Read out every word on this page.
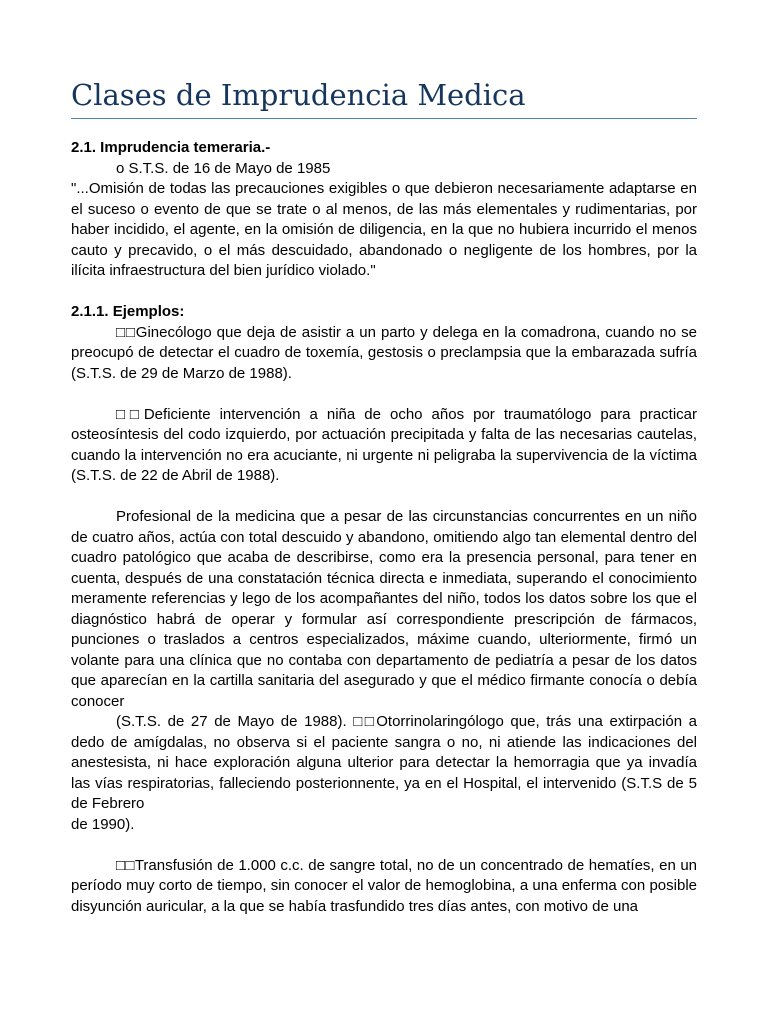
Clases de Imprudencia Medica

2.1. Imprudencia temeraria.-

o S.T.S. de 16 de Mayo de 1985

"...Omisión de todas las precauciones exigibles o que debieron necesariamente adaptarse en el suceso o evento de que se trate o al menos, de las más elementales y rudimentarias, por haber incidido, el agente, en la omisión de diligencia, en la que no hubiera incurrido el menos cauto y precavido, o el más descuidado, abandonado o negligente de los hombres, por la ilícita infraestructura del bien jurídico violado."

2.1.1. Ejemplos:

□□Ginecólogo que deja de asistir a un parto y delega en la comadrona, cuando no se preocupó de detectar el cuadro de toxemía, gestosis o preclampsia que la embarazada sufría (S.T.S. de 29 de Marzo de 1988).

□□Deficiente intervención a niña de ocho años por traumatólogo para practicar osteosíntesis del codo izquierdo, por actuación precipitada y falta de las necesarias cautelas, cuando la intervención no era acuciante, ni urgente ni peligraba la supervivencia de la víctima (S.T.S. de 22 de Abril de 1988).

Profesional de la medicina que a pesar de las circunstancias concurrentes en un niño de cuatro años, actúa con total descuido y abandono, omitiendo algo tan elemental dentro del cuadro patológico que acaba de describirse, como era la presencia personal, para tener en cuenta, después de una constatación técnica directa e inmediata, superando el conocimiento meramente referencias y lego de los acompañantes del niño, todos los datos sobre los que el diagnóstico habrá de operar y formular así correspondiente prescripción de fármacos, punciones o traslados a centros especializados, máxime cuando, ulteriormente, firmó un volante para una clínica que no contaba con departamento de pediatría a pesar de los datos que aparecían en la cartilla sanitaria del asegurado y que el médico firmante conocía o debía conocer

(S.T.S. de 27 de Mayo de 1988). □□Otorrinolaringólogo que, trás una extirpación a dedo de amígdalas, no observa si el paciente sangra o no, ni atiende las indicaciones del anestesista, ni hace exploración alguna ulterior para detectar la hemorragia que ya invadía las vías respiratorias, falleciendo posterionnente, ya en el Hospital, el intervenido (S.T.S de 5 de Febrero

de 1990).

□□Transfusión de 1.000 c.c. de sangre total, no de un concentrado de hematíes, en un período muy corto de tiempo, sin conocer el valor de hemoglobina, a una enferma con posible disyunción auricular, a la que se había trasfundido tres días antes, con motivo de una
